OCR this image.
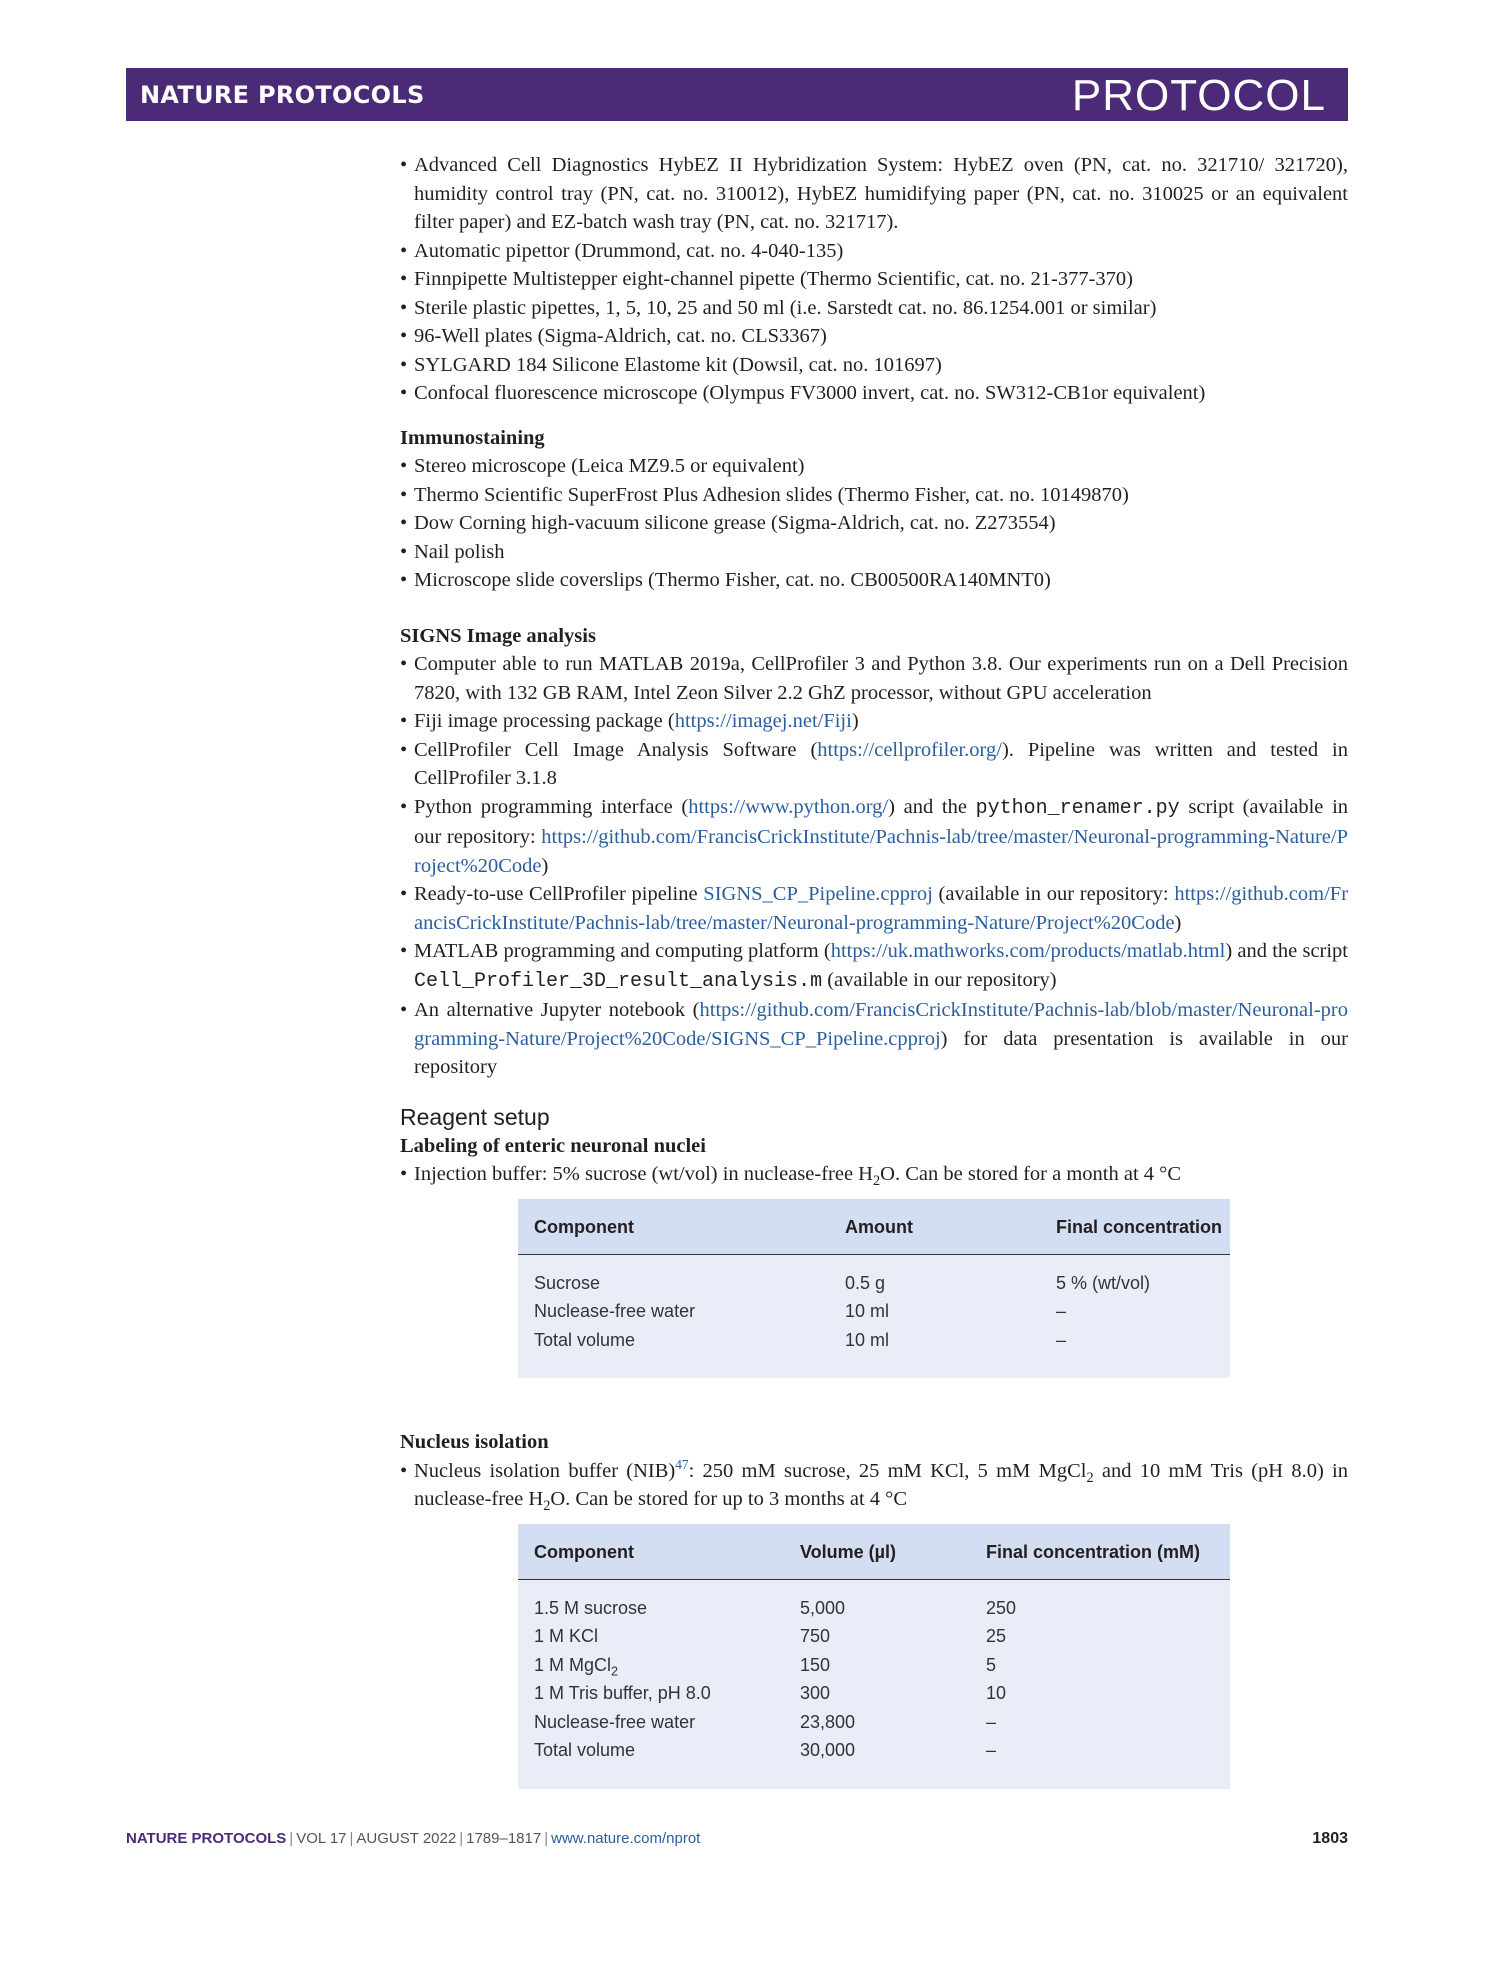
NATURE PROTOCOLS	PROTOCOL
• Advanced Cell Diagnostics HybEZ II Hybridization System: HybEZ oven (PN, cat. no. 321710/ 321720), humidity control tray (PN, cat. no. 310012), HybEZ humidifying paper (PN, cat. no. 310025 or an equivalent filter paper) and EZ-batch wash tray (PN, cat. no. 321717).
• Automatic pipettor (Drummond, cat. no. 4-040-135)
• Finnpipette Multistepper eight-channel pipette (Thermo Scientific, cat. no. 21-377-370)
• Sterile plastic pipettes, 1, 5, 10, 25 and 50 ml (i.e. Sarstedt cat. no. 86.1254.001 or similar)
• 96-Well plates (Sigma-Aldrich, cat. no. CLS3367)
• SYLGARD 184 Silicone Elastome kit (Dowsil, cat. no. 101697)
• Confocal fluorescence microscope (Olympus FV3000 invert, cat. no. SW312-CB1or equivalent)

Immunostaining

• Stereo microscope (Leica MZ9.5 or equivalent)
• Thermo Scientific SuperFrost Plus Adhesion slides (Thermo Fisher, cat. no. 10149870)
• Dow Corning high-vacuum silicone grease (Sigma-Aldrich, cat. no. Z273554)
• Nail polish
• Microscope slide coverslips (Thermo Fisher, cat. no. CB00500RA140MNT0)

SIGNS Image analysis

• Computer able to run MATLAB 2019a, CellProfiler 3 and Python 3.8. Our experiments run on a Dell Precision 7820, with 132 GB RAM, Intel Zeon Silver 2.2 GhZ processor, without GPU acceleration
• Fiji image processing package (https://imagej.net/Fiji)
• CellProfiler Cell Image Analysis Software (https://cellprofiler.org/). Pipeline was written and tested in CellProfiler 3.1.8
• Python programming interface (https://www.python.org/) and the python_renamer.py script (available in our repository: https://github.com/FrancisCrickInstitute/Pachnis-lab/tree/master/Neuronal-programming-Nature/Project%20Code)
• Ready-to-use CellProfiler pipeline SIGNS_CP_Pipeline.cpproj (available in our repository: https://github.com/FrancisCrickInstitute/Pachnis-lab/tree/master/Neuronal-programming-Nature/Project%20Code)
• MATLAB programming and computing platform (https://uk.mathworks.com/products/matlab.html) and the script Cell_Profiler_3D_result_analysis.m (available in our repository)
• An alternative Jupyter notebook (https://github.com/FrancisCrickInstitute/Pachnis-lab/blob/master/Neuronal-programming-Nature/Project%20Code/SIGNS_CP_Pipeline.cpproj) for data presentation is available in our repository

Reagent setup

Labeling of enteric neuronal nuclei

• Injection buffer: 5% sucrose (wt/vol) in nuclease-free $H_2O$. Can be stored for a month at 4 °C
Component	Amount	Final concentration
Sucrose	0.5 g	5 % (wt/vol)
Nuclease-free water	10 ml	–
Total volume	10 ml	–

Nucleus isolation

• Nucleus isolation buffer (NIB)$^{47}$: 250 mM sucrose, 25 mM KCl, 5 mM MgCl$_2$ and 10 mM Tris (pH 8.0) in nuclease-free $H_2O$. Can be stored for up to 3 months at 4 °C
Component	Volume (µl)	Final concentration (mM)
1.5 M sucrose	5,000	250
1 M KCl	750	25
1 M MgCl$_2$	150	5
1 M Tris buffer, pH 8.0	300	10
Nuclease-free water	23,800	–
Total volume	30,000	–
NATURE PROTOCOLS | VOL 17 | AUGUST 2022 | 1789–1817 | www.nature.com/nprot	1803
